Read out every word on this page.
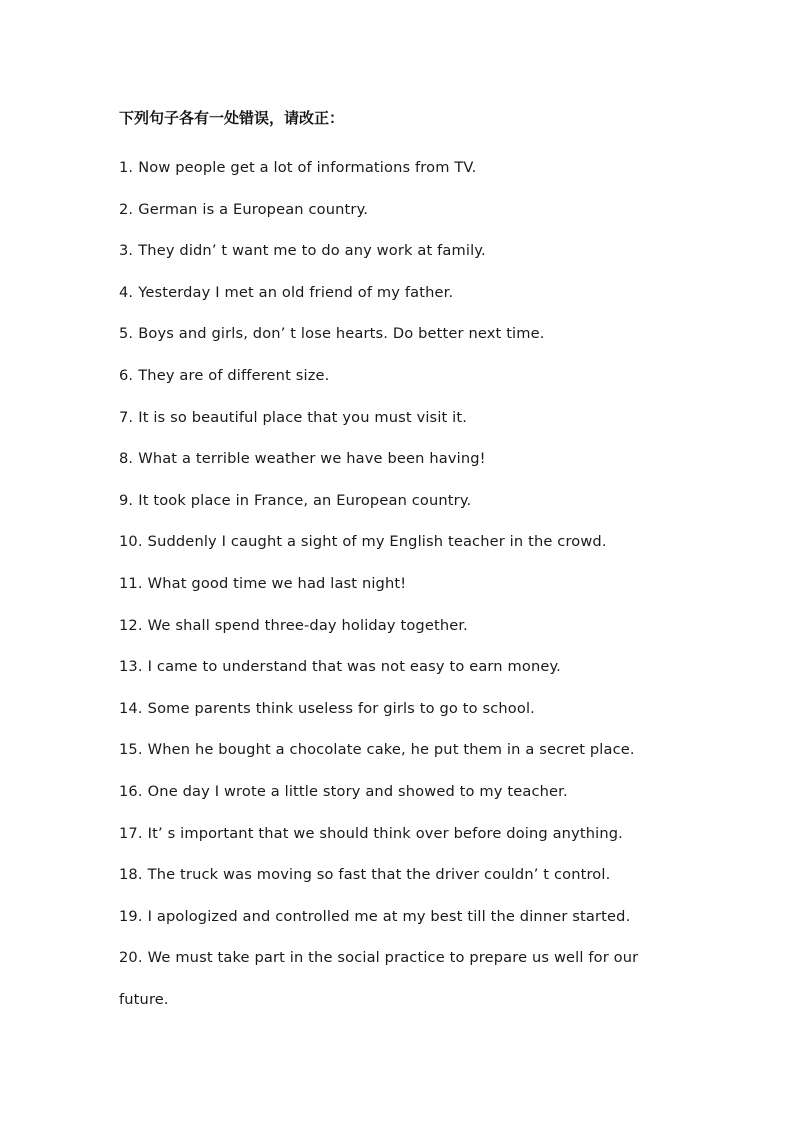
下列句子各有一处错误，请改正：
1. Now people get a lot of informations from TV.
2. German is a European country.
3. They didn’ t want me to do any work at family.
4. Yesterday I met an old friend of my father.
5. Boys and girls, don’ t lose hearts. Do better next time.
6. They are of different size.
7. It is so beautiful place that you must visit it.
8. What a terrible weather we have been having!
9. It took place in France, an European country.
10. Suddenly I caught a sight of my English teacher in the crowd.
11. What good time we had last night!
12. We shall spend three-day holiday together.
13. I came to understand that was not easy to earn money.
14. Some parents think useless for girls to go to school.
15. When he bought a chocolate cake, he put them in a secret place.
16. One day I wrote a little story and showed to my teacher.
17. It’ s important that we should think over before doing anything.
18. The truck was moving so fast that the driver couldn’ t control.
19. I apologized and controlled me at my best till the dinner started.
20. We must take part in the social practice to prepare us well for our future.
